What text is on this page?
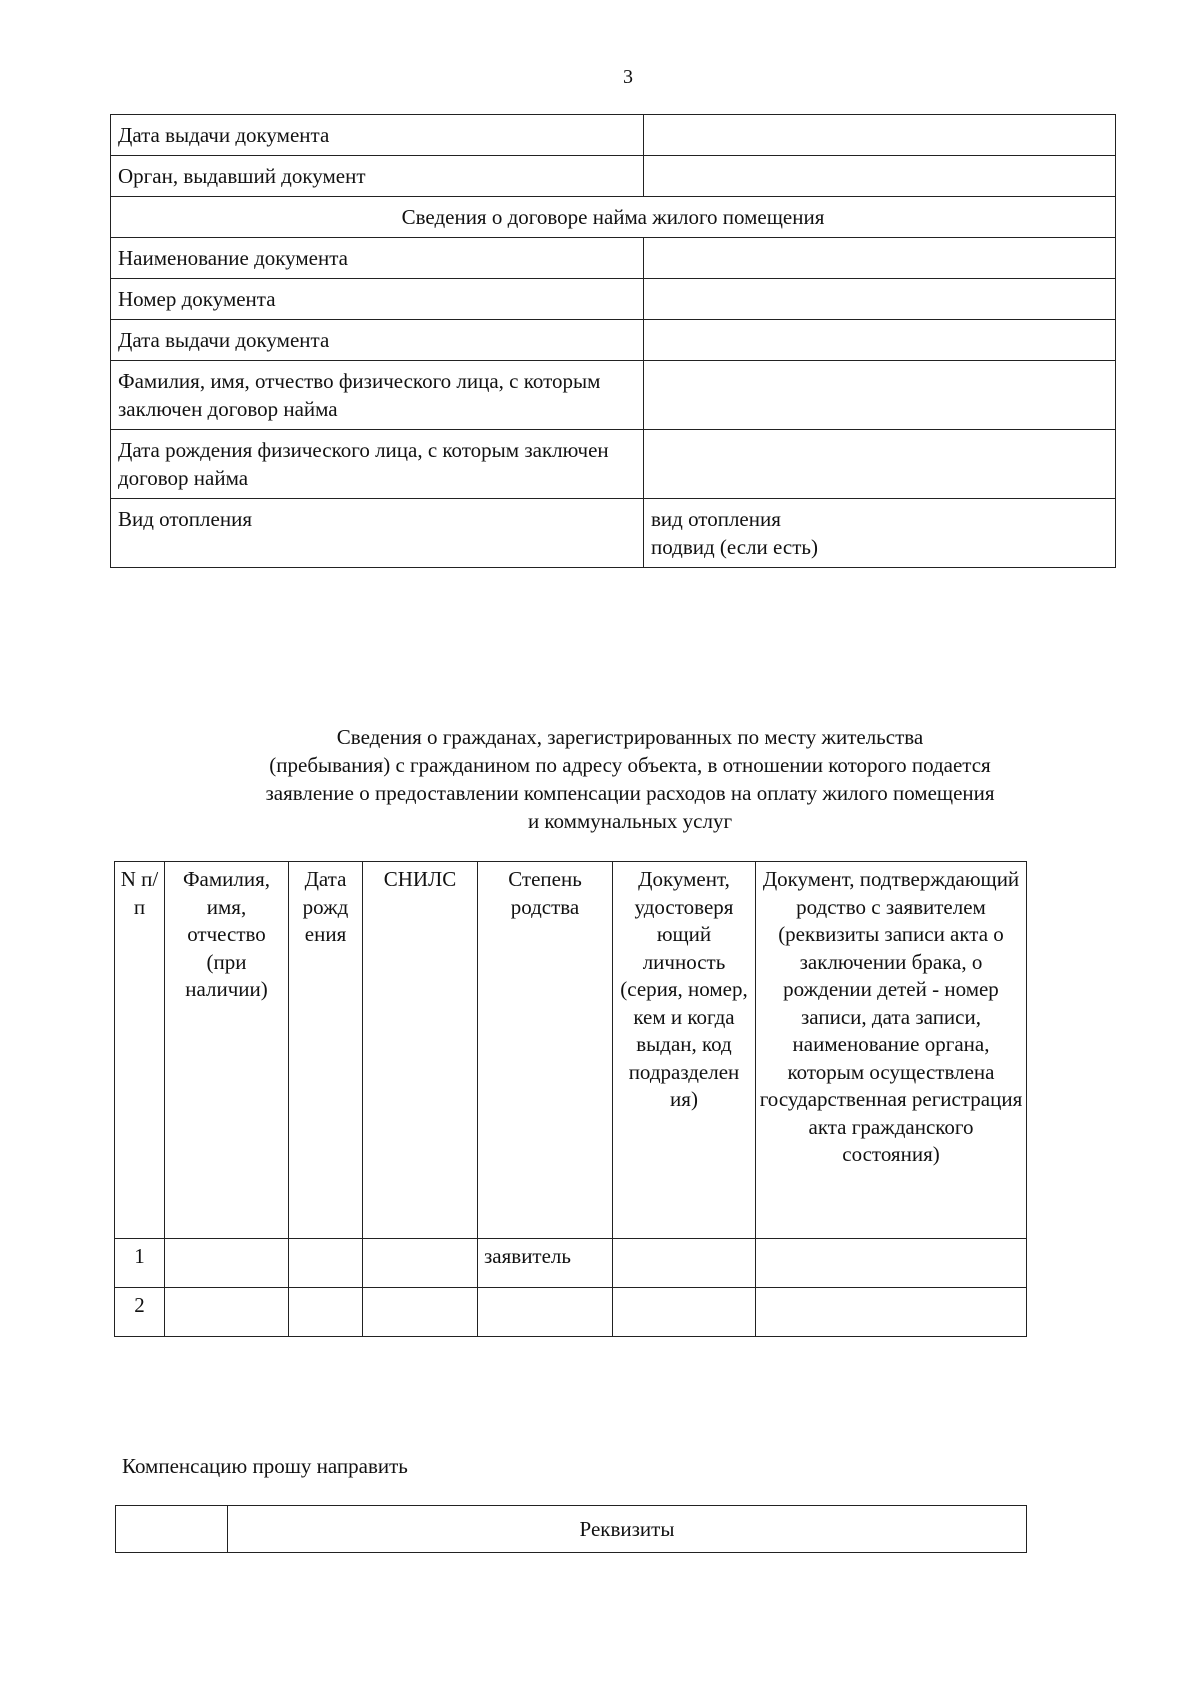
3
Дата выдачи документа	
Орган, выдавший документ	
Сведения о договоре найма жилого помещения	
Наименование документа	
Номер документа	
Дата выдачи документа	
Фамилия, имя, отчество физического лица, с которым заключен договор найма	
Дата рождения физического лица, с которым заключен договор найма	
Вид отопления	вид отопления
подвид (если есть)
Сведения о гражданах, зарегистрированных по месту жительства
(пребывания) с гражданином по адресу объекта, в отношении которого подается
заявление о предоставлении компенсации расходов на оплату жилого помещения
и коммунальных услуг
N п/п	Фамилия, имя, отчество (при наличии)	Дата рожд ения	СНИЛС	Степень родства	Документ, удостоверя ющий личность (серия, номер, кем и когда выдан, код подразделен ия)	Документ, подтверждающий родство с заявителем (реквизиты записи акта о заключении брака, о рождении детей - номер записи, дата записи, наименование органа, которым осуществлена государственная регистрация акта гражданского состояния)
1				заявитель		
2						
Компенсацию прошу направить
	Реквизиты
